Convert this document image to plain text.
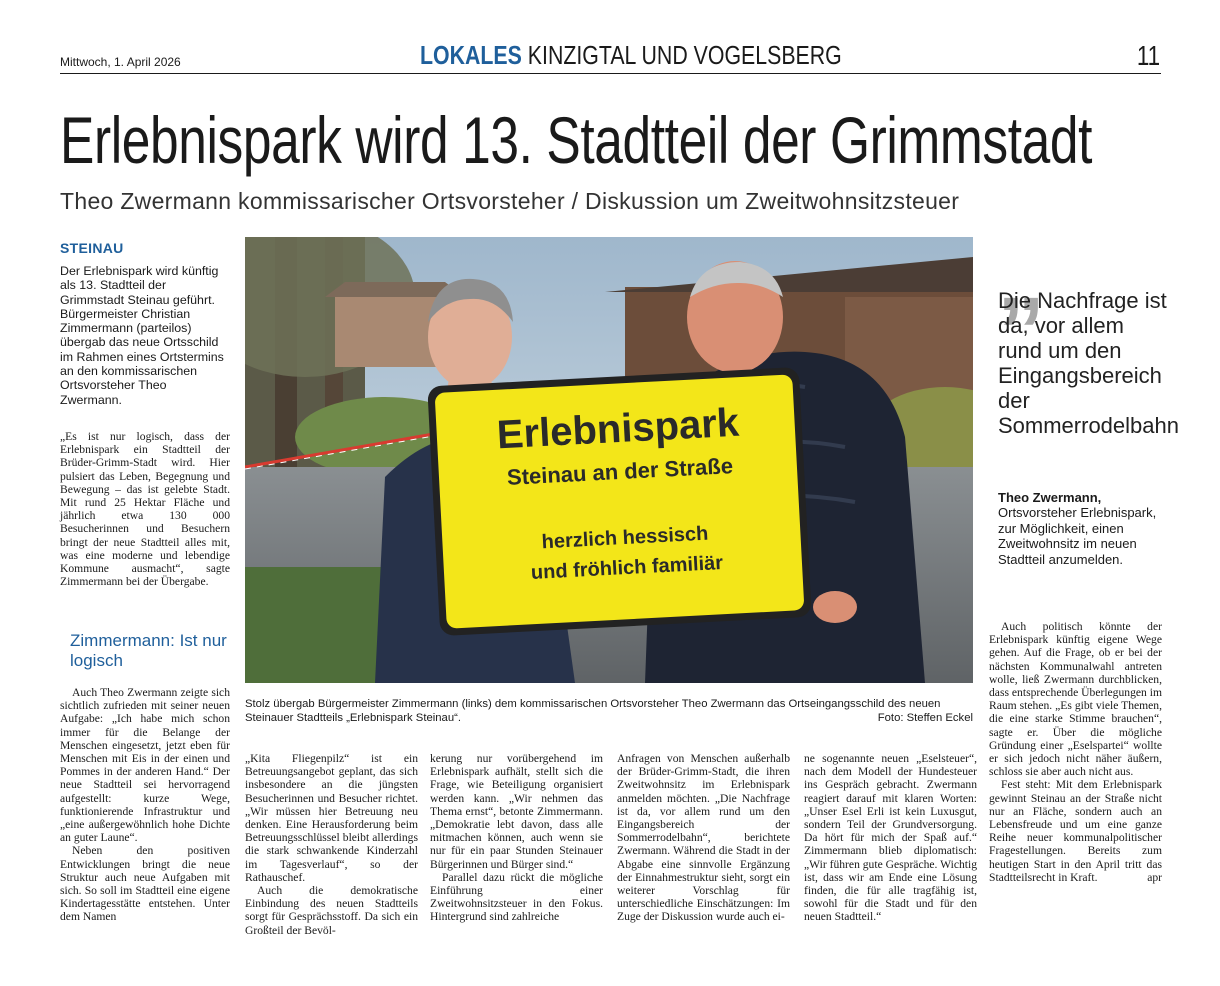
Mittwoch, 1. April 2026	LOKALES KINZIGTAL UND VOGELSBERG	11
Erlebnispark wird 13. Stadtteil der Grimmstadt
Theo Zwermann kommissarischer Ortsvorsteher / Diskussion um Zweitwohnsitzsteuer
STEINAU
Der Erlebnispark wird künftig als 13. Stadtteil der Grimmstadt Steinau geführt. Bürgermeister Christian Zimmermann (parteilos) übergab das neue Ortsschild im Rahmen eines Ortstermins an den kommissarischen Ortsvorsteher Theo Zwermann.

„Es ist nur logisch, dass der Erlebnispark ein Stadtteil der Brüder-Grimm-Stadt wird. Hier pulsiert das Leben, Begegnung und Bewegung – das ist gelebte Stadt. Mit rund 25 Hektar Fläche und jährlich etwa 130 000 Besucherinnen und Besuchern bringt der neue Stadtteil alles mit, was eine moderne und lebendige Kommune ausmacht“, sagte Zimmermann bei der Übergabe.

Zimmermann: Ist nur logisch

Auch Theo Zwermann zeigte sich sichtlich zufrieden mit seiner neuen Aufgabe: „Ich habe mich schon immer für die Belange der Menschen eingesetzt, jetzt eben für Menschen mit Eis in der einen und Pommes in der anderen Hand.“ Der neue Stadtteil sei hervorragend aufgestellt: kurze Wege, funktionierende Infrastruktur und „eine außergewöhnlich hohe Dichte an guter Laune“.

Neben den positiven Entwicklungen bringt die neue Struktur auch neue Aufgaben mit sich. So soll im Stadtteil eine eigene Kindertagesstätte entstehen. Unter dem Namen

Erlebnispark
Steinau an der Straße
herzlich hessisch
und fröhlich familiär
Stolz übergab Bürgermeister Zimmermann (links) dem kommissarischen Ortsvorsteher Theo Zwermann das Ortseingangsschild des neuen Steinauer Stadtteils „Erlebnispark Steinau“.	Foto: Steffen Eckel

„Kita Fliegenpilz“ ist ein Betreuungsangebot geplant, das sich insbesondere an die jüngsten Besucherinnen und Besucher richtet. „Wir müssen hier Betreuung neu denken. Eine Herausforderung beim Betreuungsschlüssel bleibt allerdings die stark schwankende Kinderzahl im Tagesverlauf“, so der Rathauschef.

Auch die demokratische Einbindung des neuen Stadtteils sorgt für Gesprächsstoff. Da sich ein Großteil der Bevöl-

kerung nur vorübergehend im Erlebnispark aufhält, stellt sich die Frage, wie Beteiligung organisiert werden kann. „Wir nehmen das Thema ernst“, betonte Zimmermann. „Demokratie lebt davon, dass alle mitmachen können, auch wenn sie nur für ein paar Stunden Steinauer Bürgerinnen und Bürger sind.“

Parallel dazu rückt die mögliche Einführung einer Zweitwohnsitzsteuer in den Fokus. Hintergrund sind zahlreiche

Anfragen von Menschen außerhalb der Brüder-Grimm-Stadt, die ihren Zweitwohnsitz im Erlebnispark anmelden möchten. „Die Nachfrage ist da, vor allem rund um den Eingangsbereich der Sommerrodelbahn“, berichtete Zwermann. Während die Stadt in der Abgabe eine sinnvolle Ergänzung der Einnahmestruktur sieht, sorgt ein weiterer Vorschlag für unterschiedliche Einschätzungen: Im Zuge der Diskussion wurde auch ei-

ne sogenannte neuen „Eselsteuer“, nach dem Modell der Hundesteuer ins Gespräch gebracht. Zwermann reagiert darauf mit klaren Worten: „Unser Esel Erli ist kein Luxusgut, sondern Teil der Grundversorgung. Da hört für mich der Spaß auf.“ Zimmermann blieb diplomatisch: „Wir führen gute Gespräche. Wichtig ist, dass wir am Ende eine Lösung finden, die für alle tragfähig ist, sowohl für die Stadt und für den neuen Stadtteil.“

„
Die Nachfrage ist da, vor allem rund um den Eingangsbereich der Sommerrodelbahn
Theo Zwermann,
Ortsvorsteher Erlebnispark, zur Möglichkeit, einen Zweitwohnsitz im neuen Stadtteil anzumelden.

Auch politisch könnte der Erlebnispark künftig eigene Wege gehen. Auf die Frage, ob er bei der nächsten Kommunalwahl antreten wolle, ließ Zwermann durchblicken, dass entsprechende Überlegungen im Raum stehen. „Es gibt viele Themen, die eine starke Stimme brauchen“, sagte er. Über die mögliche Gründung einer „Eselspartei“ wollte er sich jedoch nicht näher äußern, schloss sie aber auch nicht aus.

Fest steht: Mit dem Erlebnispark gewinnt Steinau an der Straße nicht nur an Fläche, sondern auch an Lebensfreude und um eine ganze Reihe neuer kommunalpolitischer Fragestellungen. Bereits zum heutigen Start in den April tritt das Stadtteilsrecht in Kraft.	apr
